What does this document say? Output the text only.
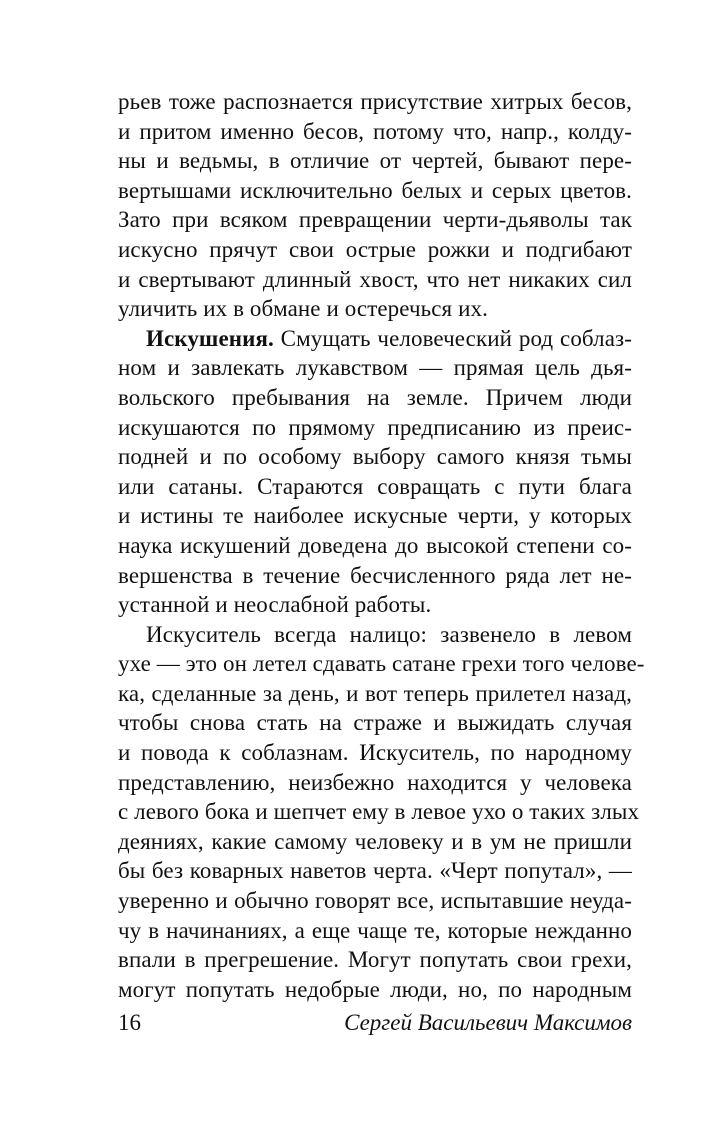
рьев тоже распознается присутствие хитрых бесов,
и притом именно бесов, потому что, напр., колду-
ны и ведьмы, в отличие от чертей, бывают пере-
вертышами исключительно белых и серых цветов.
Зато при всяком превращении черти-дьяволы так
искусно прячут свои острые рожки и подгибают
и свертывают длинный хвост, что нет никаких сил
уличить их в обмане и остеречься их.
Искушения. Смущать человеческий род соблаз-
ном и завлекать лукавством — прямая цель дья-
вольского пребывания на земле. Причем люди
искушаются по прямому предписанию из преис-
подней и по особому выбору самого князя тьмы
или сатаны. Стараются совращать с пути блага
и истины те наиболее искусные черти, у которых
наука искушений доведена до высокой степени со-
вершенства в течение бесчисленного ряда лет не-
устанной и неослабной работы.
Искуситель всегда налицо: зазвенело в левом
ухе — это он летел сдавать сатане грехи того челове-
ка, сделанные за день, и вот теперь прилетел назад,
чтобы снова стать на страже и выжидать случая
и повода к соблазнам. Искуситель, по народному
представлению, неизбежно находится у человека
с левого бока и шепчет ему в левое ухо о таких злых
деяниях, какие самому человеку и в ум не пришли
бы без коварных наветов черта. «Черт попутал», —
уверенно и обычно говорят все, испытавшие неуда-
чу в начинаниях, а еще чаще те, которые нежданно
впали в прегрешение. Могут попутать свои грехи,
могут попутать недобрые люди, но, по народным
16	Сергей Васильевич Максимов
